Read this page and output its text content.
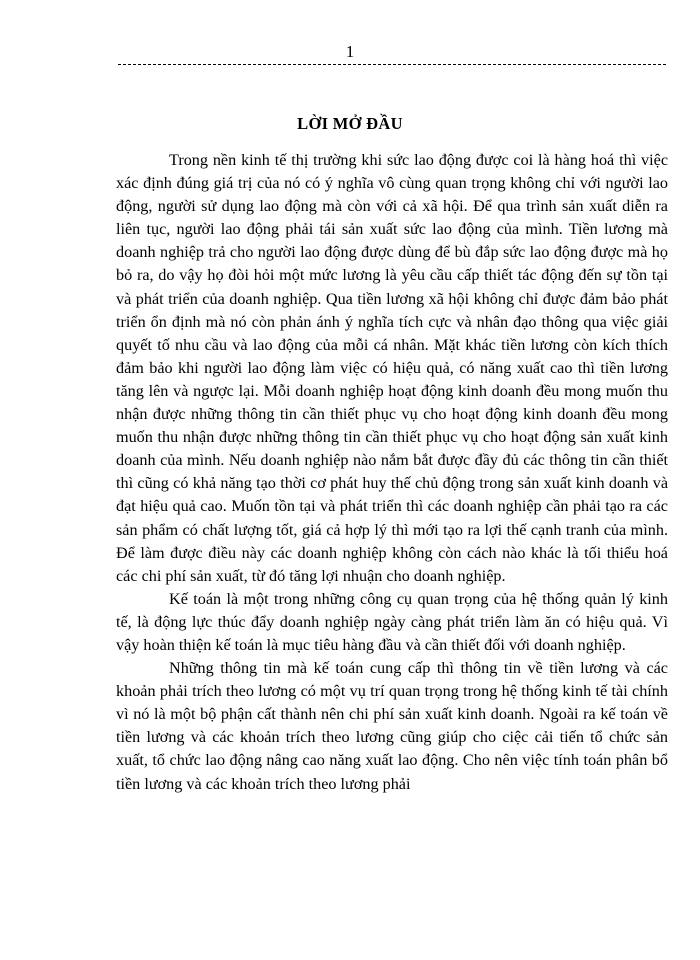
1
LỜI MỞ ĐẦU

Trong nền kinh tế thị trường khi sức lao động được coi là hàng hoá thì việc xác định đúng giá trị của nó có ý nghĩa vô cùng quan trọng không chỉ với người lao động, người sử dụng lao động mà còn với cả xã hội. Để qua trình sản xuất diễn ra liên tục, người lao động phải tái sản xuất sức lao động của mình. Tiền lương mà doanh nghiệp trả cho người lao động được dùng để bù đắp sức lao động được mà họ bỏ ra, do vậy họ đòi hỏi một mức lương là yêu cầu cấp thiết tác động đến sự tồn tại và phát triển của doanh nghiệp. Qua tiền lương xã hội không chỉ được đảm bảo phát triển ổn định mà nó còn phản ánh ý nghĩa tích cực và nhân đạo thông qua việc giải quyết tố nhu cầu và lao động của mỗi cá nhân. Mặt khác tiền lương còn kích thích đảm bảo khi người lao động làm việc có hiệu quả, có năng xuất cao thì tiền lương tăng lên và ngược lại. Mỗi doanh nghiệp hoạt động kinh doanh đều mong muốn thu nhận được những thông tin cần thiết phục vụ cho hoạt động kinh doanh đều mong muốn thu nhận được những thông tin cần thiết phục vụ cho hoạt động sản xuất kinh doanh của mình. Nếu doanh nghiệp nào nắm bắt được đầy đủ các thông tin cần thiết thì cũng có khả năng tạo thời cơ phát huy thế chủ động trong sản xuất kinh doanh và đạt hiệu quả cao. Muốn tồn tại và phát triển thì các doanh nghiệp cần phải tạo ra các sản phẩm có chất lượng tốt, giá cả hợp lý thì mới tạo ra lợi thế cạnh tranh của mình. Để làm được điều này các doanh nghiệp không còn cách nào khác là tối thiểu hoá các chi phí sản xuất, từ đó tăng lợi nhuận cho doanh nghiệp.

Kế toán là một trong những công cụ quan trọng của hệ thống quản lý kinh tế, là động lực thúc đẩy doanh nghiệp ngày càng phát triển làm ăn có hiệu quả. Vì vậy hoàn thiện kế toán là mục tiêu hàng đầu và cần thiết đối với doanh nghiệp.

Những thông tin mà kế toán cung cấp thì thông tin về tiền lương và các khoản phải trích theo lương có một vụ trí quan trọng trong hệ thống kinh tế tài chính vì nó là một bộ phận cất thành nên chi phí sản xuất kinh doanh. Ngoài ra kế toán về tiền lương và các khoản trích theo lương cũng giúp cho ciệc cải tiến tổ chức sản xuất, tổ chức lao động nâng cao năng xuất lao động. Cho nên việc tính toán phân bổ tiền lương và các khoản trích theo lương phải
